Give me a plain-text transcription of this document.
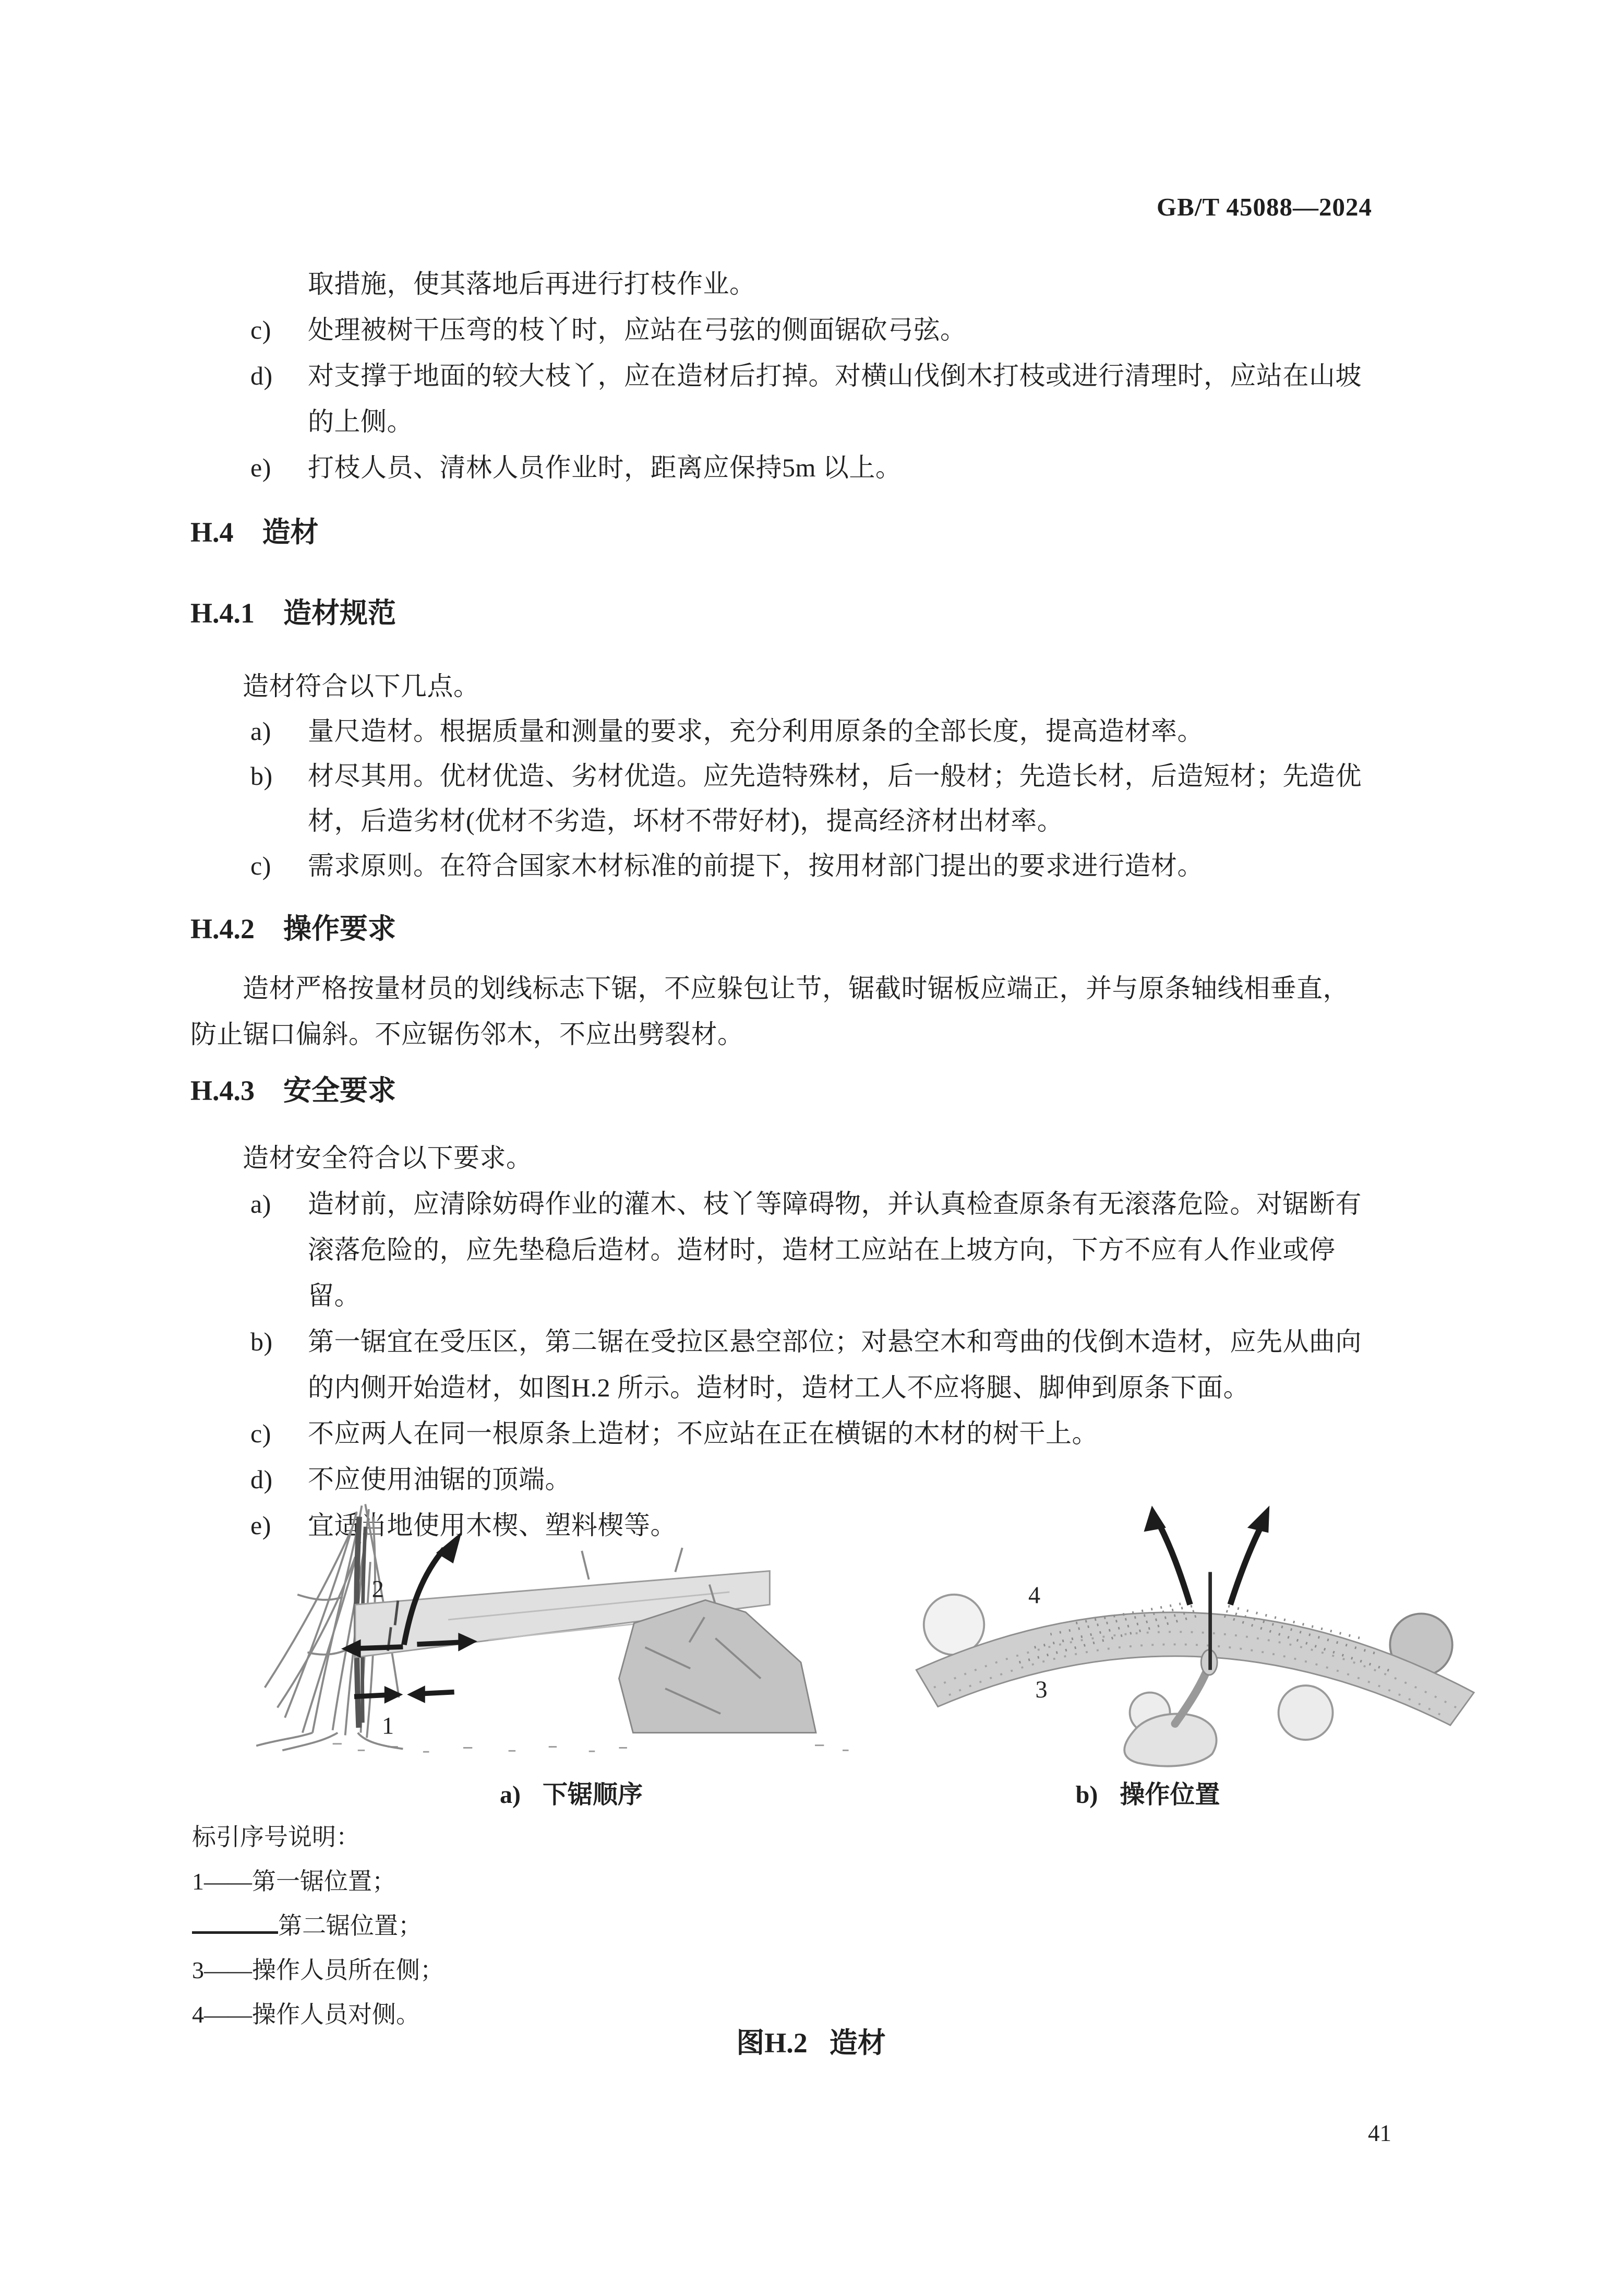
GB/T 45088—2024
取措施，使其落地后再进行打枝作业。
c)	处理被树干压弯的枝丫时，应站在弓弦的侧面锯砍弓弦。
d)	对支撑于地面的较大枝丫，应在造材后打掉。对横山伐倒木打枝或进行清理时，应站在山坡的上侧。
e)	打枝人员、清林人员作业时，距离应保持5m 以上。
H.4 造材
H.4.1 造材规范
造材符合以下几点。
a)	量尺造材。根据质量和测量的要求，充分利用原条的全部长度，提高造材率。
b)	材尽其用。优材优造、劣材优造。应先造特殊材，后一般材；先造长材，后造短材；先造优材，后造劣材(优材不劣造，坏材不带好材)，提高经济材出材率。
c)	需求原则。在符合国家木材标准的前提下，按用材部门提出的要求进行造材。
H.4.2 操作要求
造材严格按量材员的划线标志下锯，不应躲包让节，锯截时锯板应端正，并与原条轴线相垂直，防止锯口偏斜。不应锯伤邻木，不应出劈裂材。
H.4.3 安全要求
造材安全符合以下要求。
a)	造材前，应清除妨碍作业的灌木、枝丫等障碍物，并认真检查原条有无滚落危险。对锯断有滚落危险的，应先垫稳后造材。造材时，造材工应站在上坡方向，下方不应有人作业或停留。
b)	第一锯宜在受压区，第二锯在受拉区悬空部位；对悬空木和弯曲的伐倒木造材，应先从曲向的内侧开始造材，如图H.2 所示。造材时，造材工人不应将腿、脚伸到原条下面。
c)	不应两人在同一根原条上造材；不应站在正在横锯的木材的树干上。
d)	不应使用油锯的顶端。
e)	宜适当地使用木楔、塑料楔等。
2
1
4
3
a) 下锯顺序	b) 操作位置
标引序号说明：
1——第一锯位置；
第二锯位置；
3——操作人员所在侧；
4——操作人员对侧。
图H.2 造材
41
